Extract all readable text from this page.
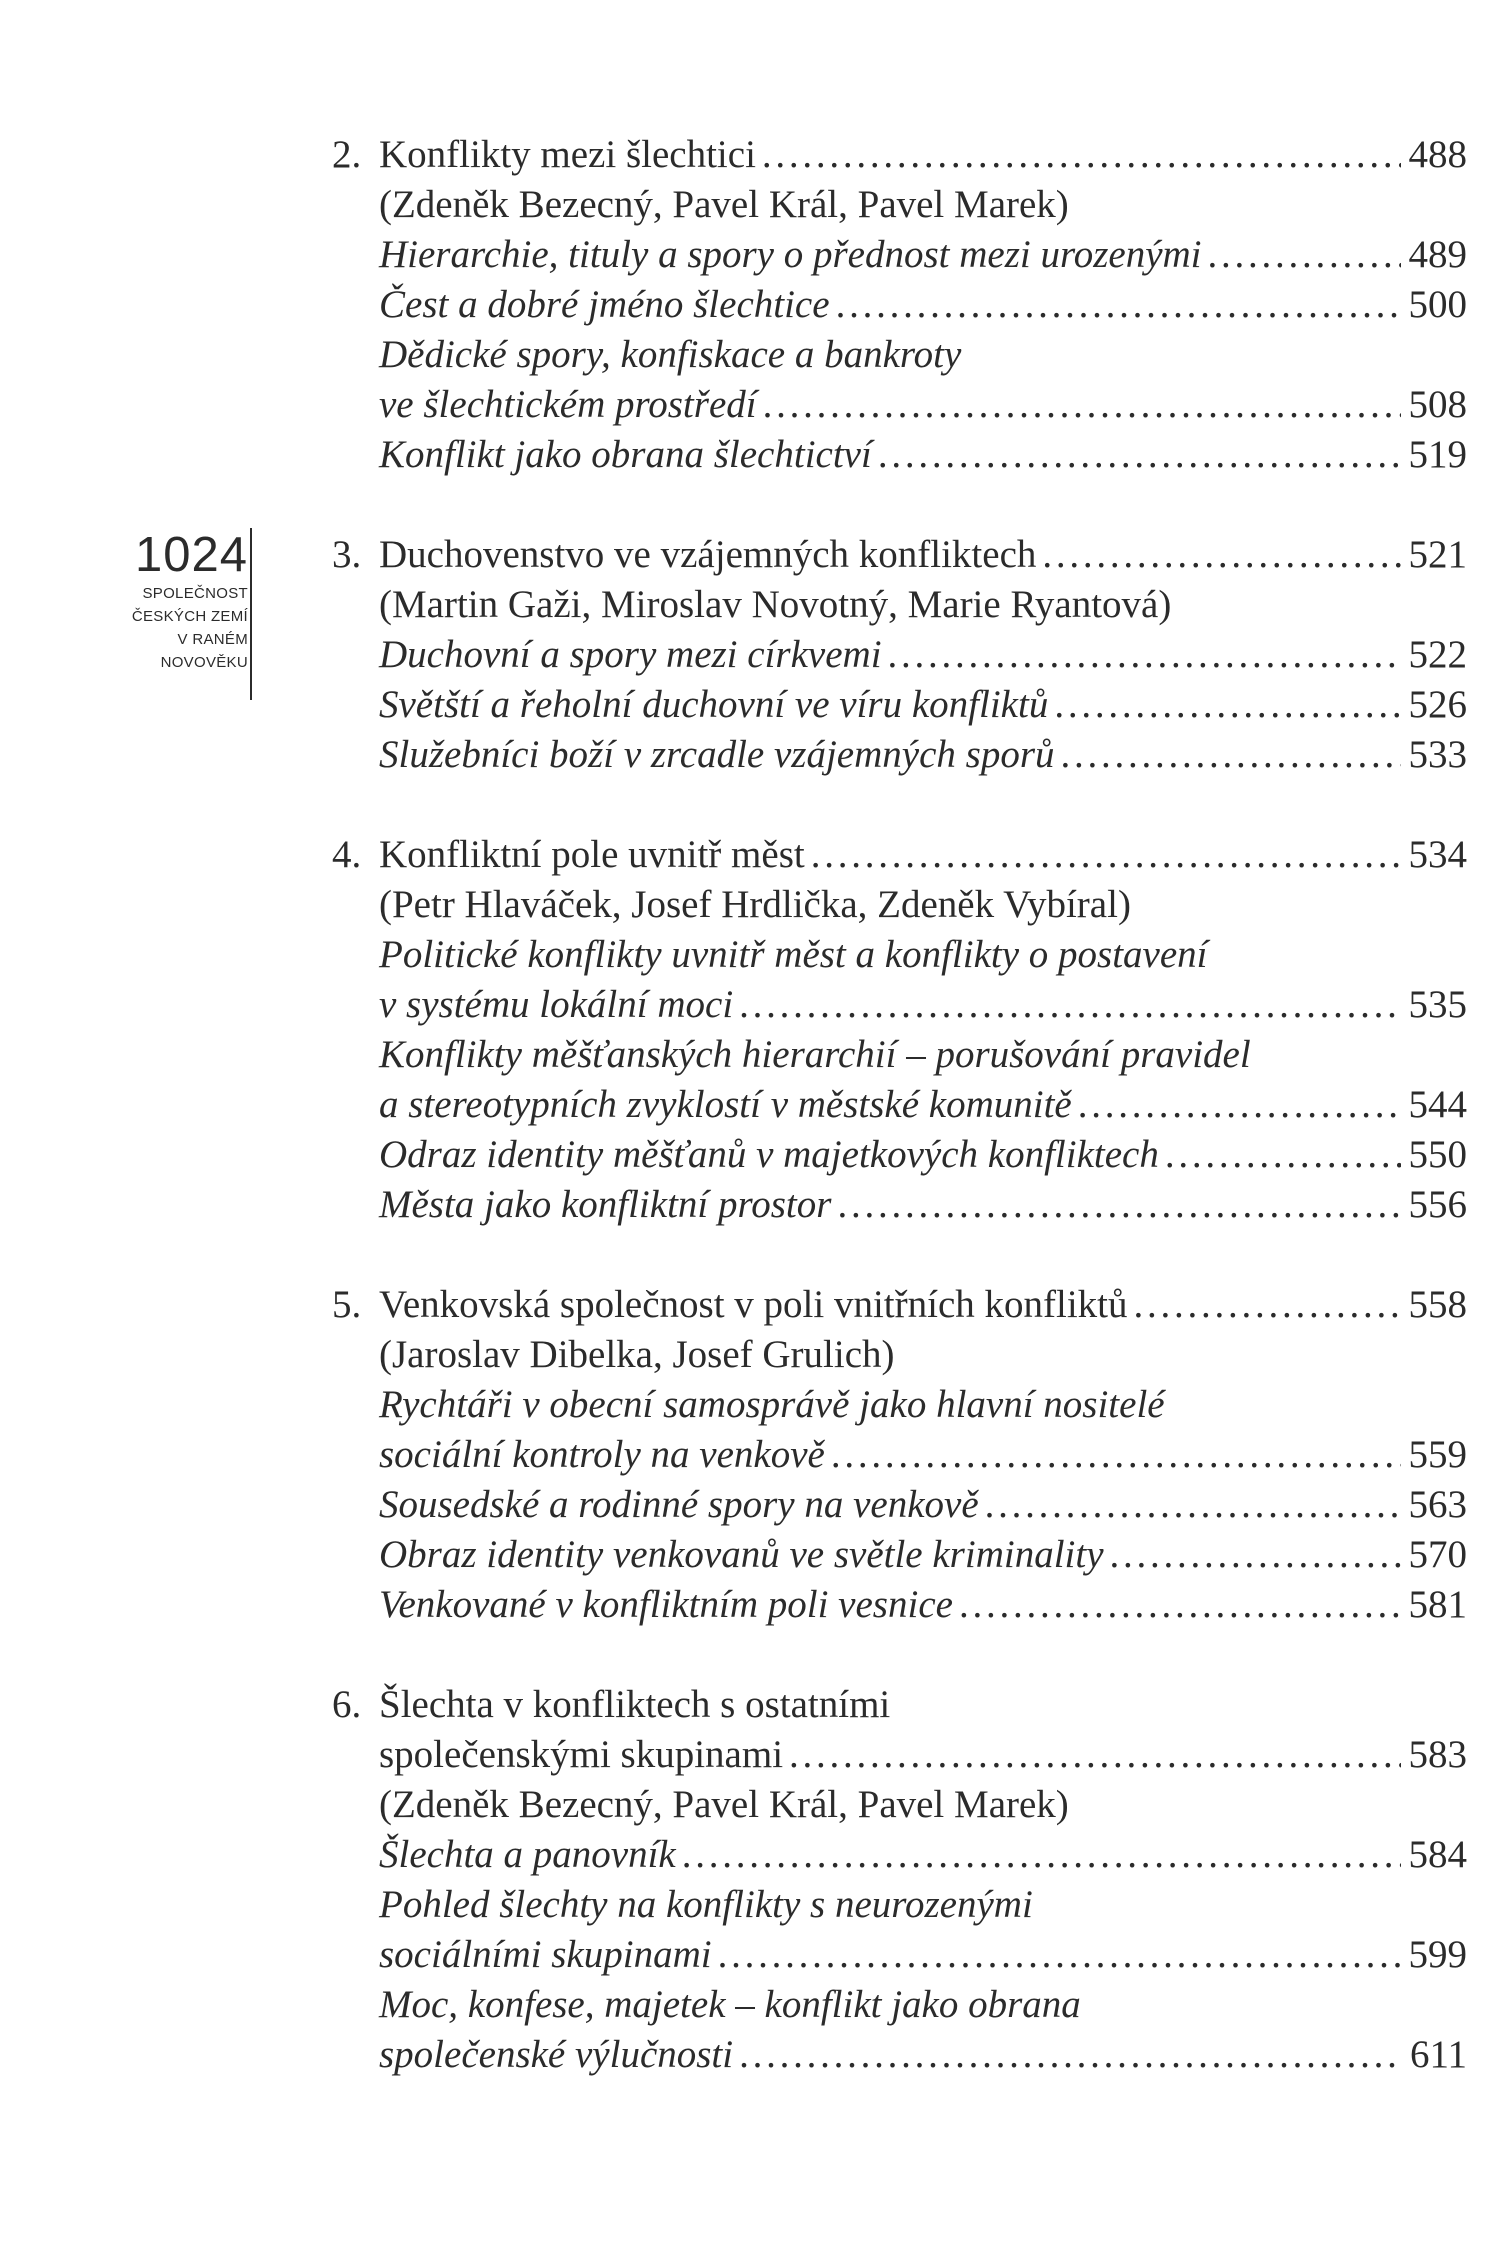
1024
SPOLEČNOST
ČESKÝCH ZEMÍ
V RANÉM
NOVOVĚKU
2. Konflikty mezi šlechtici . . .	488
(Zdeněk Bezecný, Pavel Král, Pavel Marek)
Hierarchie, tituly a spory o přednost mezi urozenými . . .	489
Čest a dobré jméno šlechtice . . .	500
Dědické spory, konfiskace a bankroty
ve šlechtickém prostředí . . .	508
Konflikt jako obrana šlechtictví . . .	519
3. Duchovenstvo ve vzájemných konfliktech . . .	521
(Martin Gaži, Miroslav Novotný, Marie Ryantová)
Duchovní a spory mezi církvemi . . .	522
Světští a řeholní duchovní ve víru konfliktů . . .	526
Služebníci boží v zrcadle vzájemných sporů . . .	533
4. Konfliktní pole uvnitř měst . . .	534
(Petr Hlaváček, Josef Hrdlička, Zdeněk Vybíral)
Politické konflikty uvnitř měst a konflikty o postavení
v systému lokální moci . . .	535
Konflikty měšťanských hierarchií – porušování pravidel
a stereotypních zvyklostí v městské komunitě . . .	544
Odraz identity měšťanů v majetkových konfliktech . . .	550
Města jako konfliktní prostor . . .	556
5. Venkovská společnost v poli vnitřních konfliktů . . .	558
(Jaroslav Dibelka, Josef Grulich)
Rychtáři v obecní samosprávě jako hlavní nositelé
sociální kontroly na venkově . . .	559
Sousedské a rodinné spory na venkově . . .	563
Obraz identity venkovanů ve světle kriminality . . .	570
Venkované v konfliktním poli vesnice . . .	581
6. Šlechta v konfliktech s ostatními
společenskými skupinami . . .	583
(Zdeněk Bezecný, Pavel Král, Pavel Marek)
Šlechta a panovník . . .	584
Pohled šlechty na konflikty s neurozenými
sociálními skupinami . . .	599
Moc, konfese, majetek – konflikt jako obrana
společenské výlučnosti . . .	611
